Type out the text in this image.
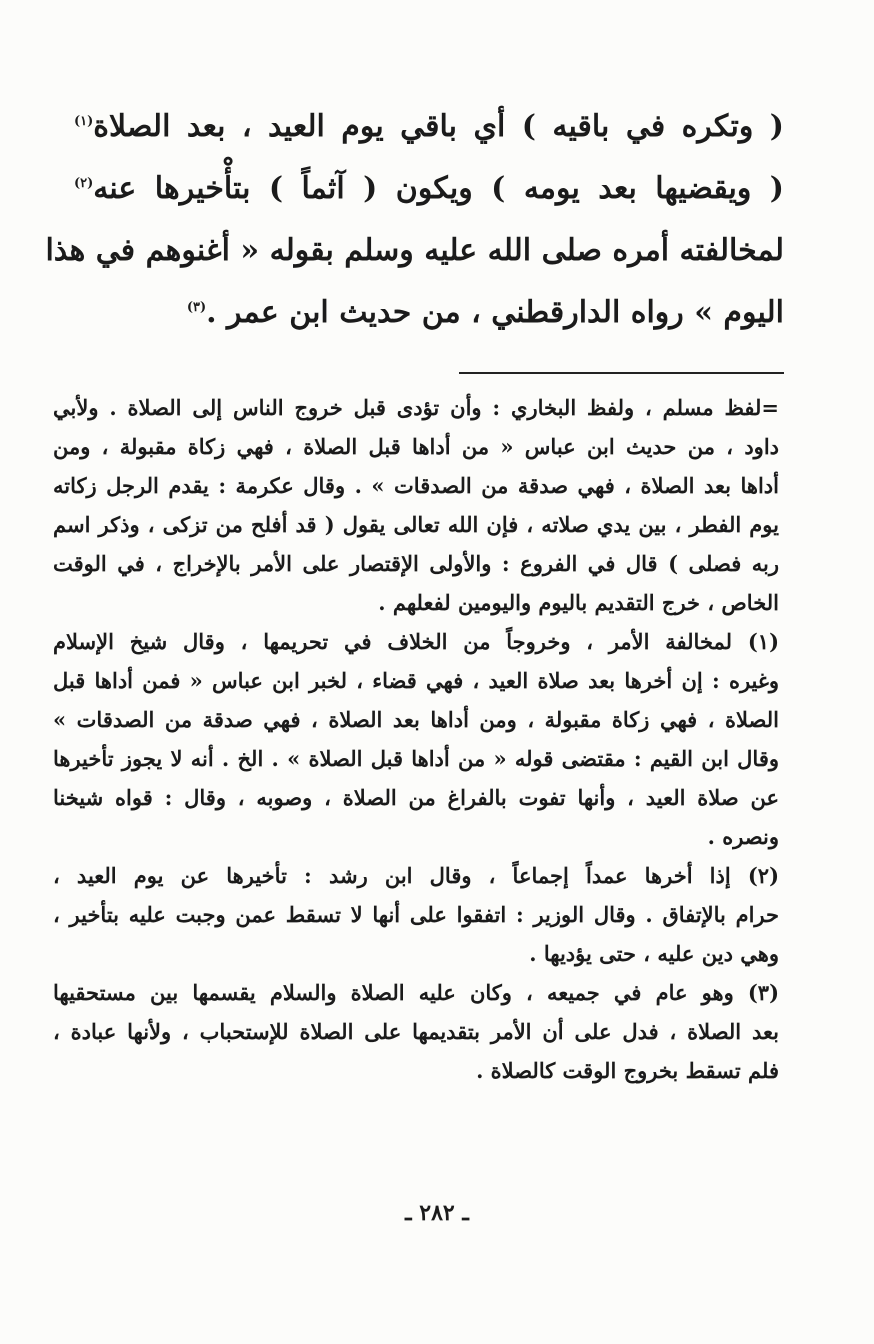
( وتكره في باقيه ) أي باقي يوم العيد ، بعد الصلاة$^{(١)}$
( ويقضيها بعد يومه ) ويكون ( آثماً ) بتأْخيرها عنه$^{(٢)}$
لمخالفته أمره صلى الله عليه وسلم بقوله « أغنوهم في هذا
اليوم » رواه الدارقطني ، من حديث ابن عمر .$^{(٣)}$
=لفظ مسلم ، ولفظ البخاري : وأن تؤدى قبل خروج الناس إلى الصلاة . ولأبي
داود ، من حديث ابن عباس « من أداها قبل الصلاة ، فهي زكاة مقبولة ، ومن
أداها بعد الصلاة ، فهي صدقة من الصدقات » . وقال عكرمة : يقدم الرجل زكاته
يوم الفطر ، بين يدي صلاته ، فإن الله تعالى يقول ( قد أفلح من تزكى ، وذكر اسم
ربه فصلى ) قال في الفروع : والأولى الإقتصار على الأمر بالإخراج ، في الوقت
الخاص ، خرج التقديم باليوم واليومين لفعلهم .
(١) لمخالفة الأمر ، وخروجاً من الخلاف في تحريمها ، وقال شيخ الإسلام
وغيره : إن أخرها بعد صلاة العيد ، فهي قضاء ، لخبر ابن عباس « فمن أداها قبل
الصلاة ، فهي زكاة مقبولة ، ومن أداها بعد الصلاة ، فهي صدقة من الصدقات »
وقال ابن القيم : مقتضى قوله « من أداها قبل الصلاة » . الخ . أنه لا يجوز تأخيرها
عن صلاة العيد ، وأنها تفوت بالفراغ من الصلاة ، وصوبه ، وقال : قواه شيخنا
ونصره .
(٢) إذا أخرها عمداً إجماعاً ، وقال ابن رشد : تأخيرها عن يوم العيد ،
حرام بالإتفاق . وقال الوزير : اتفقوا على أنها لا تسقط عمن وجبت عليه بتأخير ،
وهي دين عليه ، حتى يؤديها .
(٣) وهو عام في جميعه ، وكان عليه الصلاة والسلام يقسمها بين مستحقيها
بعد الصلاة ، فدل على أن الأمر بتقديمها على الصلاة للإستحباب ، ولأنها عبادة ،
فلم تسقط بخروج الوقت كالصلاة .
ـ ٢٨٢ ـ
